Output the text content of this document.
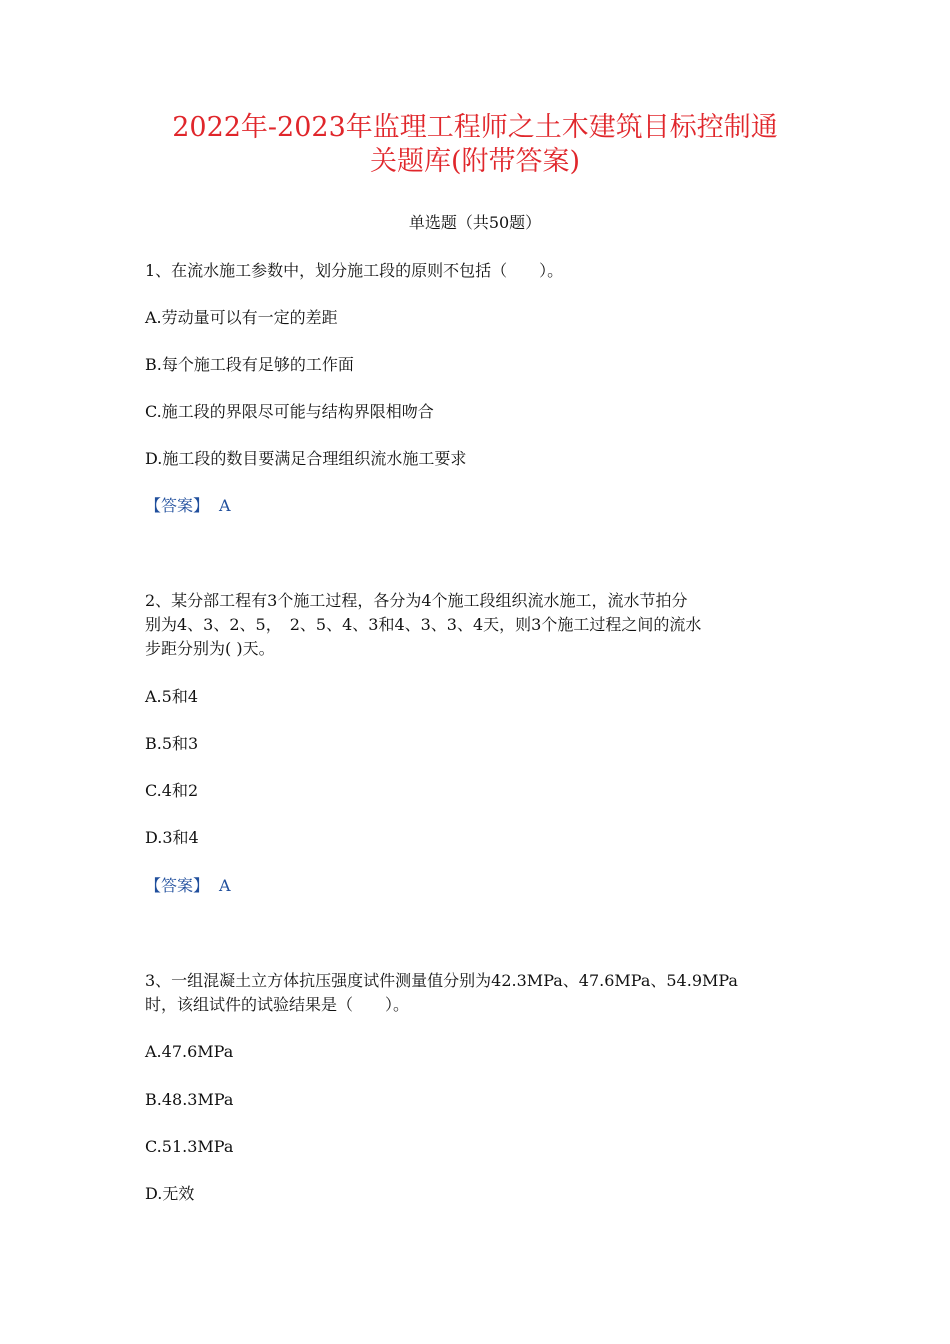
2022年-2023年监理工程师之土木建筑目标控制通
关题库(附带答案)
单选题（共50题）
1、在流水施工参数中，划分施工段的原则不包括（　　）。
A.劳动量可以有一定的差距
B.每个施工段有足够的工作面
C.施工段的界限尽可能与结构界限相吻合
D.施工段的数目要满足合理组织流水施工要求
【答案】 A
2、某分部工程有3个施工过程，各分为4个施工段组织流水施工，流水节拍分
别为4、3、2、5，　2、5、4、3和4、3、3、4天，则3个施工过程之间的流水
步距分别为( )天。
A.5和4
B.5和3
C.4和2
D.3和4
【答案】 A
3、一组混凝土立方体抗压强度试件测量值分别为42.3MPa、47.6MPa、54.9MPa
时，该组试件的试验结果是（　　）。
A.47.6MPa
B.48.3MPa
C.51.3MPa
D.无效
